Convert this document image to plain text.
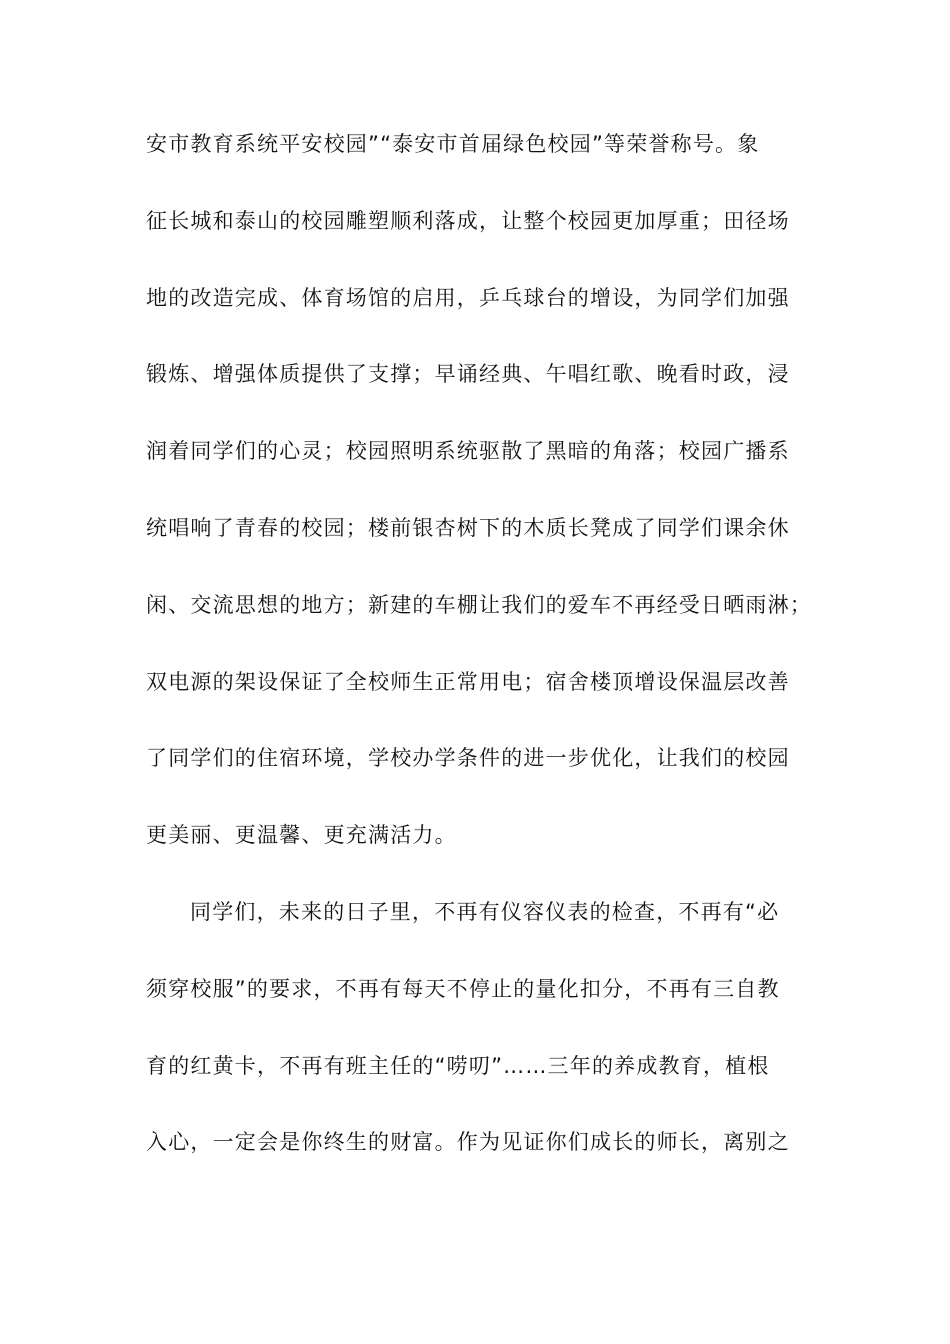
安市教育系统平安校园”“泰安市首届绿色校园”等荣誉称号。象
征长城和泰山的校园雕塑顺利落成，让整个校园更加厚重；田径场
地的改造完成、体育场馆的启用，乒乓球台的增设，为同学们加强
锻炼、增强体质提供了支撑；早诵经典、午唱红歌、晚看时政，浸
润着同学们的心灵；校园照明系统驱散了黑暗的角落；校园广播系
统唱响了青春的校园；楼前银杏树下的木质长凳成了同学们课余休
闲、交流思想的地方；新建的车棚让我们的爱车不再经受日晒雨淋；
双电源的架设保证了全校师生正常用电；宿舍楼顶增设保温层改善
了同学们的住宿环境，学校办学条件的进一步优化，让我们的校园
更美丽、更温馨、更充满活力。
同学们，未来的日子里，不再有仪容仪表的检查，不再有“必
须穿校服”的要求，不再有每天不停止的量化扣分，不再有三自教
育的红黄卡，不再有班主任的“唠叨”……三年的养成教育，植根
入心，一定会是你终生的财富。作为见证你们成长的师长，离别之
